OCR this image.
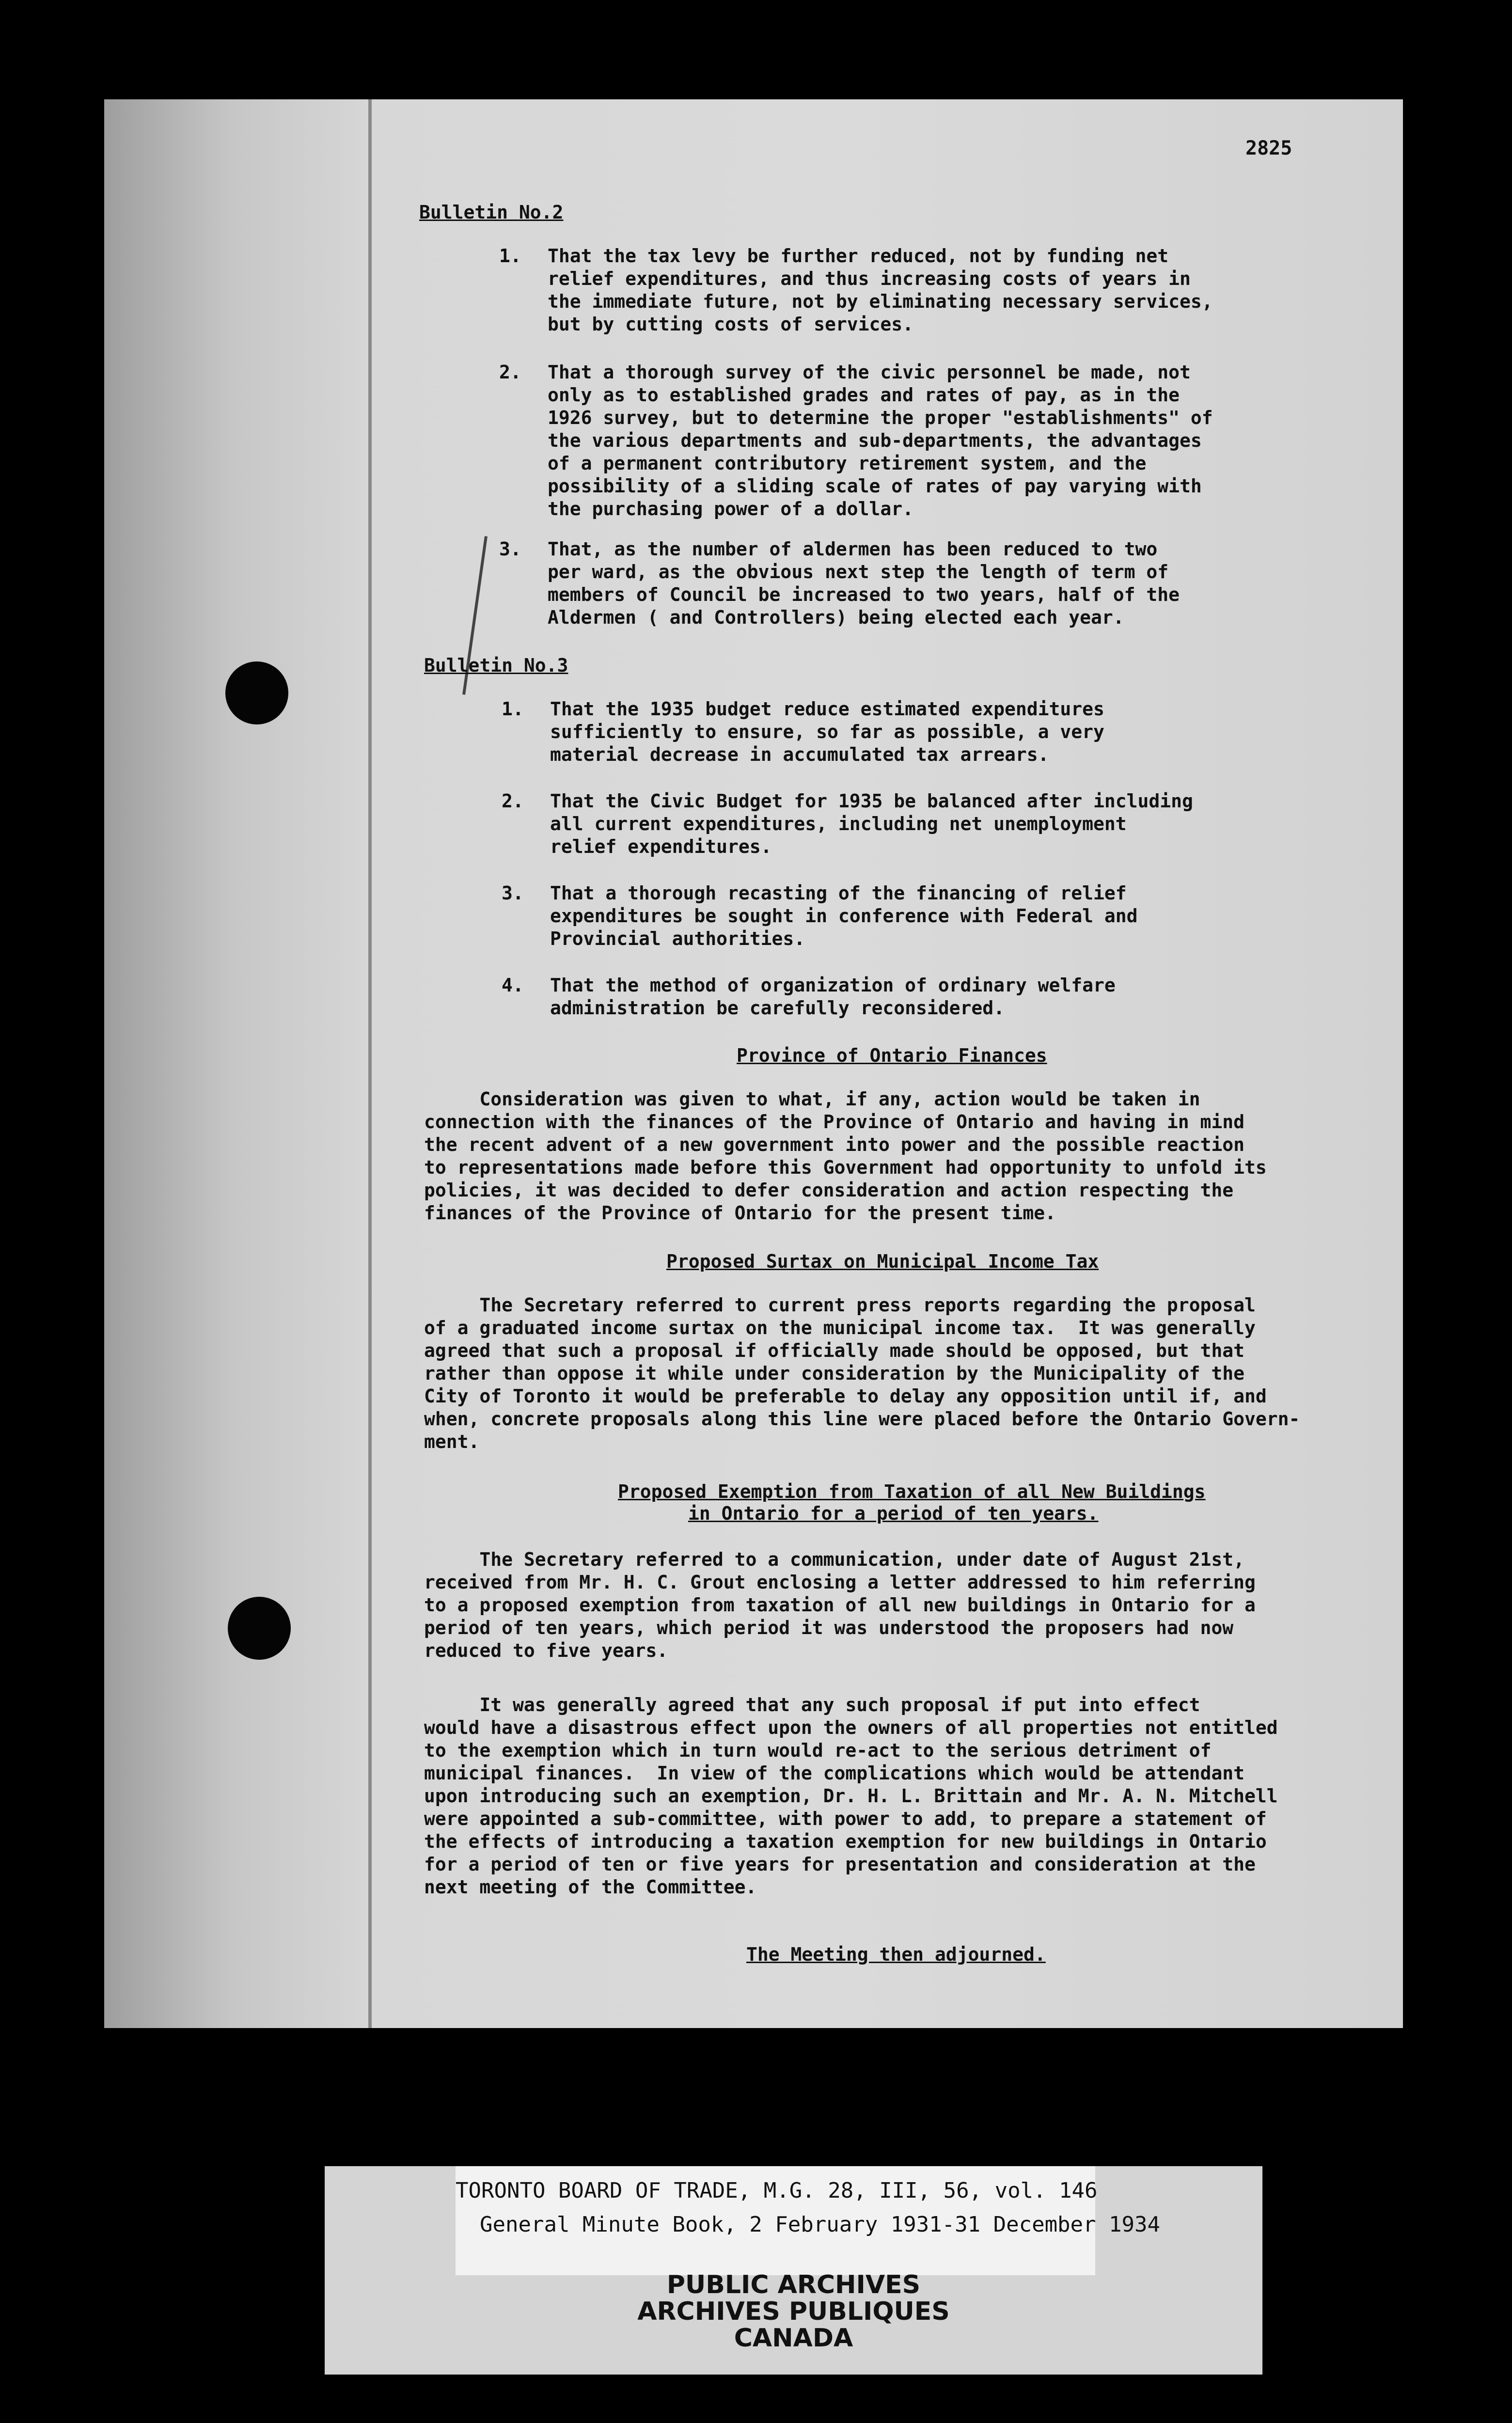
2825
Bulletin No.2
1. That the tax levy be further reduced, not by funding net
relief expenditures, and thus increasing costs of years in
the immediate future, not by eliminating necessary services,
but by cutting costs of services.
2. That a thorough survey of the civic personnel be made, not
only as to established grades and rates of pay, as in the
1926 survey, but to determine the proper "establishments" of
the various departments and sub-departments, the advantages
of a permanent contributory retirement system, and the
possibility of a sliding scale of rates of pay varying with
the purchasing power of a dollar.
3. That, as the number of aldermen has been reduced to two
per ward, as the obvious next step the length of term of
members of Council be increased to two years, half of the
Aldermen ( and Controllers) being elected each year.
Bulletin No.3
1. That the 1935 budget reduce estimated expenditures
sufficiently to ensure, so far as possible, a very
material decrease in accumulated tax arrears.
2. That the Civic Budget for 1935 be balanced after including
all current expenditures, including net unemployment
relief expenditures.
3. That a thorough recasting of the financing of relief
expenditures be sought in conference with Federal and
Provincial authorities.
4. That the method of organization of ordinary welfare
administration be carefully reconsidered.
Province of Ontario Finances
Consideration was given to what, if any, action would be taken in
connection with the finances of the Province of Ontario and having in mind
the recent advent of a new government into power and the possible reaction
to representations made before this Government had opportunity to unfold its
policies, it was decided to defer consideration and action respecting the
finances of the Province of Ontario for the present time.
Proposed Surtax on Municipal Income Tax
The Secretary referred to current press reports regarding the proposal
of a graduated income surtax on the municipal income tax.  It was generally
agreed that such a proposal if officially made should be opposed, but that
rather than oppose it while under consideration by the Municipality of the
City of Toronto it would be preferable to delay any opposition until if, and
when, concrete proposals along this line were placed before the Ontario Govern-
ment.
Proposed Exemption from Taxation of all New Buildings
in Ontario for a period of ten years.
The Secretary referred to a communication, under date of August 21st,
received from Mr. H. C. Grout enclosing a letter addressed to him referring
to a proposed exemption from taxation of all new buildings in Ontario for a
period of ten years, which period it was understood the proposers had now
reduced to five years.
It was generally agreed that any such proposal if put into effect
would have a disastrous effect upon the owners of all properties not entitled
to the exemption which in turn would re-act to the serious detriment of
municipal finances.  In view of the complications which would be attendant
upon introducing such an exemption, Dr. H. L. Brittain and Mr. A. N. Mitchell
were appointed a sub-committee, with power to add, to prepare a statement of
the effects of introducing a taxation exemption for new buildings in Ontario
for a period of ten or five years for presentation and consideration at the
next meeting of the Committee.
The Meeting then adjourned.
TORONTO BOARD OF TRADE, M.G. 28, III, 56, vol. 146
General Minute Book, 2 February 1931-31 December 1934
PUBLIC ARCHIVES
ARCHIVES PUBLIQUES
CANADA
